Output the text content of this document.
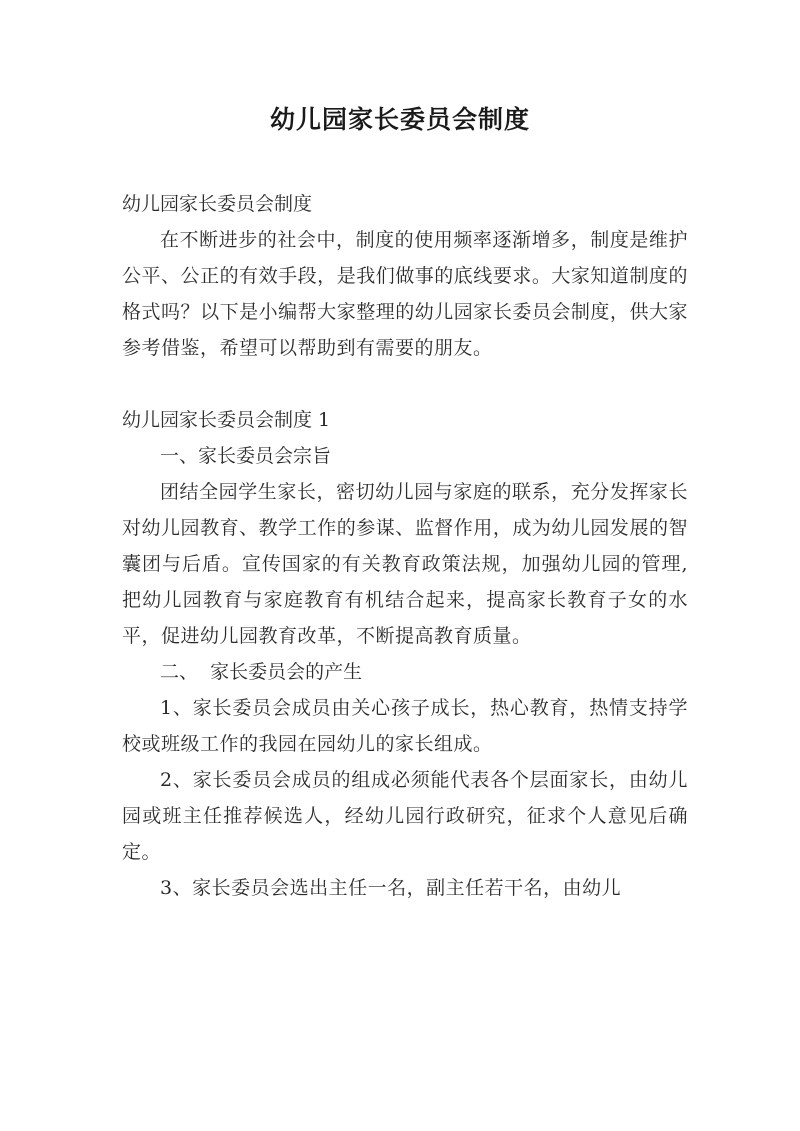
幼儿园家长委员会制度

幼儿园家长委员会制度

在不断进步的社会中，制度的使用频率逐渐增多，制度是维护公平、公正的有效手段，是我们做事的底线要求。大家知道制度的格式吗？以下是小编帮大家整理的幼儿园家长委员会制度，供大家参考借鉴，希望可以帮助到有需要的朋友。

幼儿园家长委员会制度 1

一、家长委员会宗旨

团结全园学生家长，密切幼儿园与家庭的联系，充分发挥家长对幼儿园教育、教学工作的参谋、监督作用，成为幼儿园发展的智囊团与后盾。宣传国家的有关教育政策法规，加强幼儿园的管理,把幼儿园教育与家庭教育有机结合起来，提高家长教育子女的水平，促进幼儿园教育改革，不断提高教育质量。

二、  家长委员会的产生

1、家长委员会成员由关心孩子成长，热心教育，热情支持学校或班级工作的我园在园幼儿的家长组成。

2、家长委员会成员的组成必须能代表各个层面家长，由幼儿园或班主任推荐候选人，经幼儿园行政研究，征求个人意见后确定。

3、家长委员会选出主任一名，副主任若干名，由幼儿
